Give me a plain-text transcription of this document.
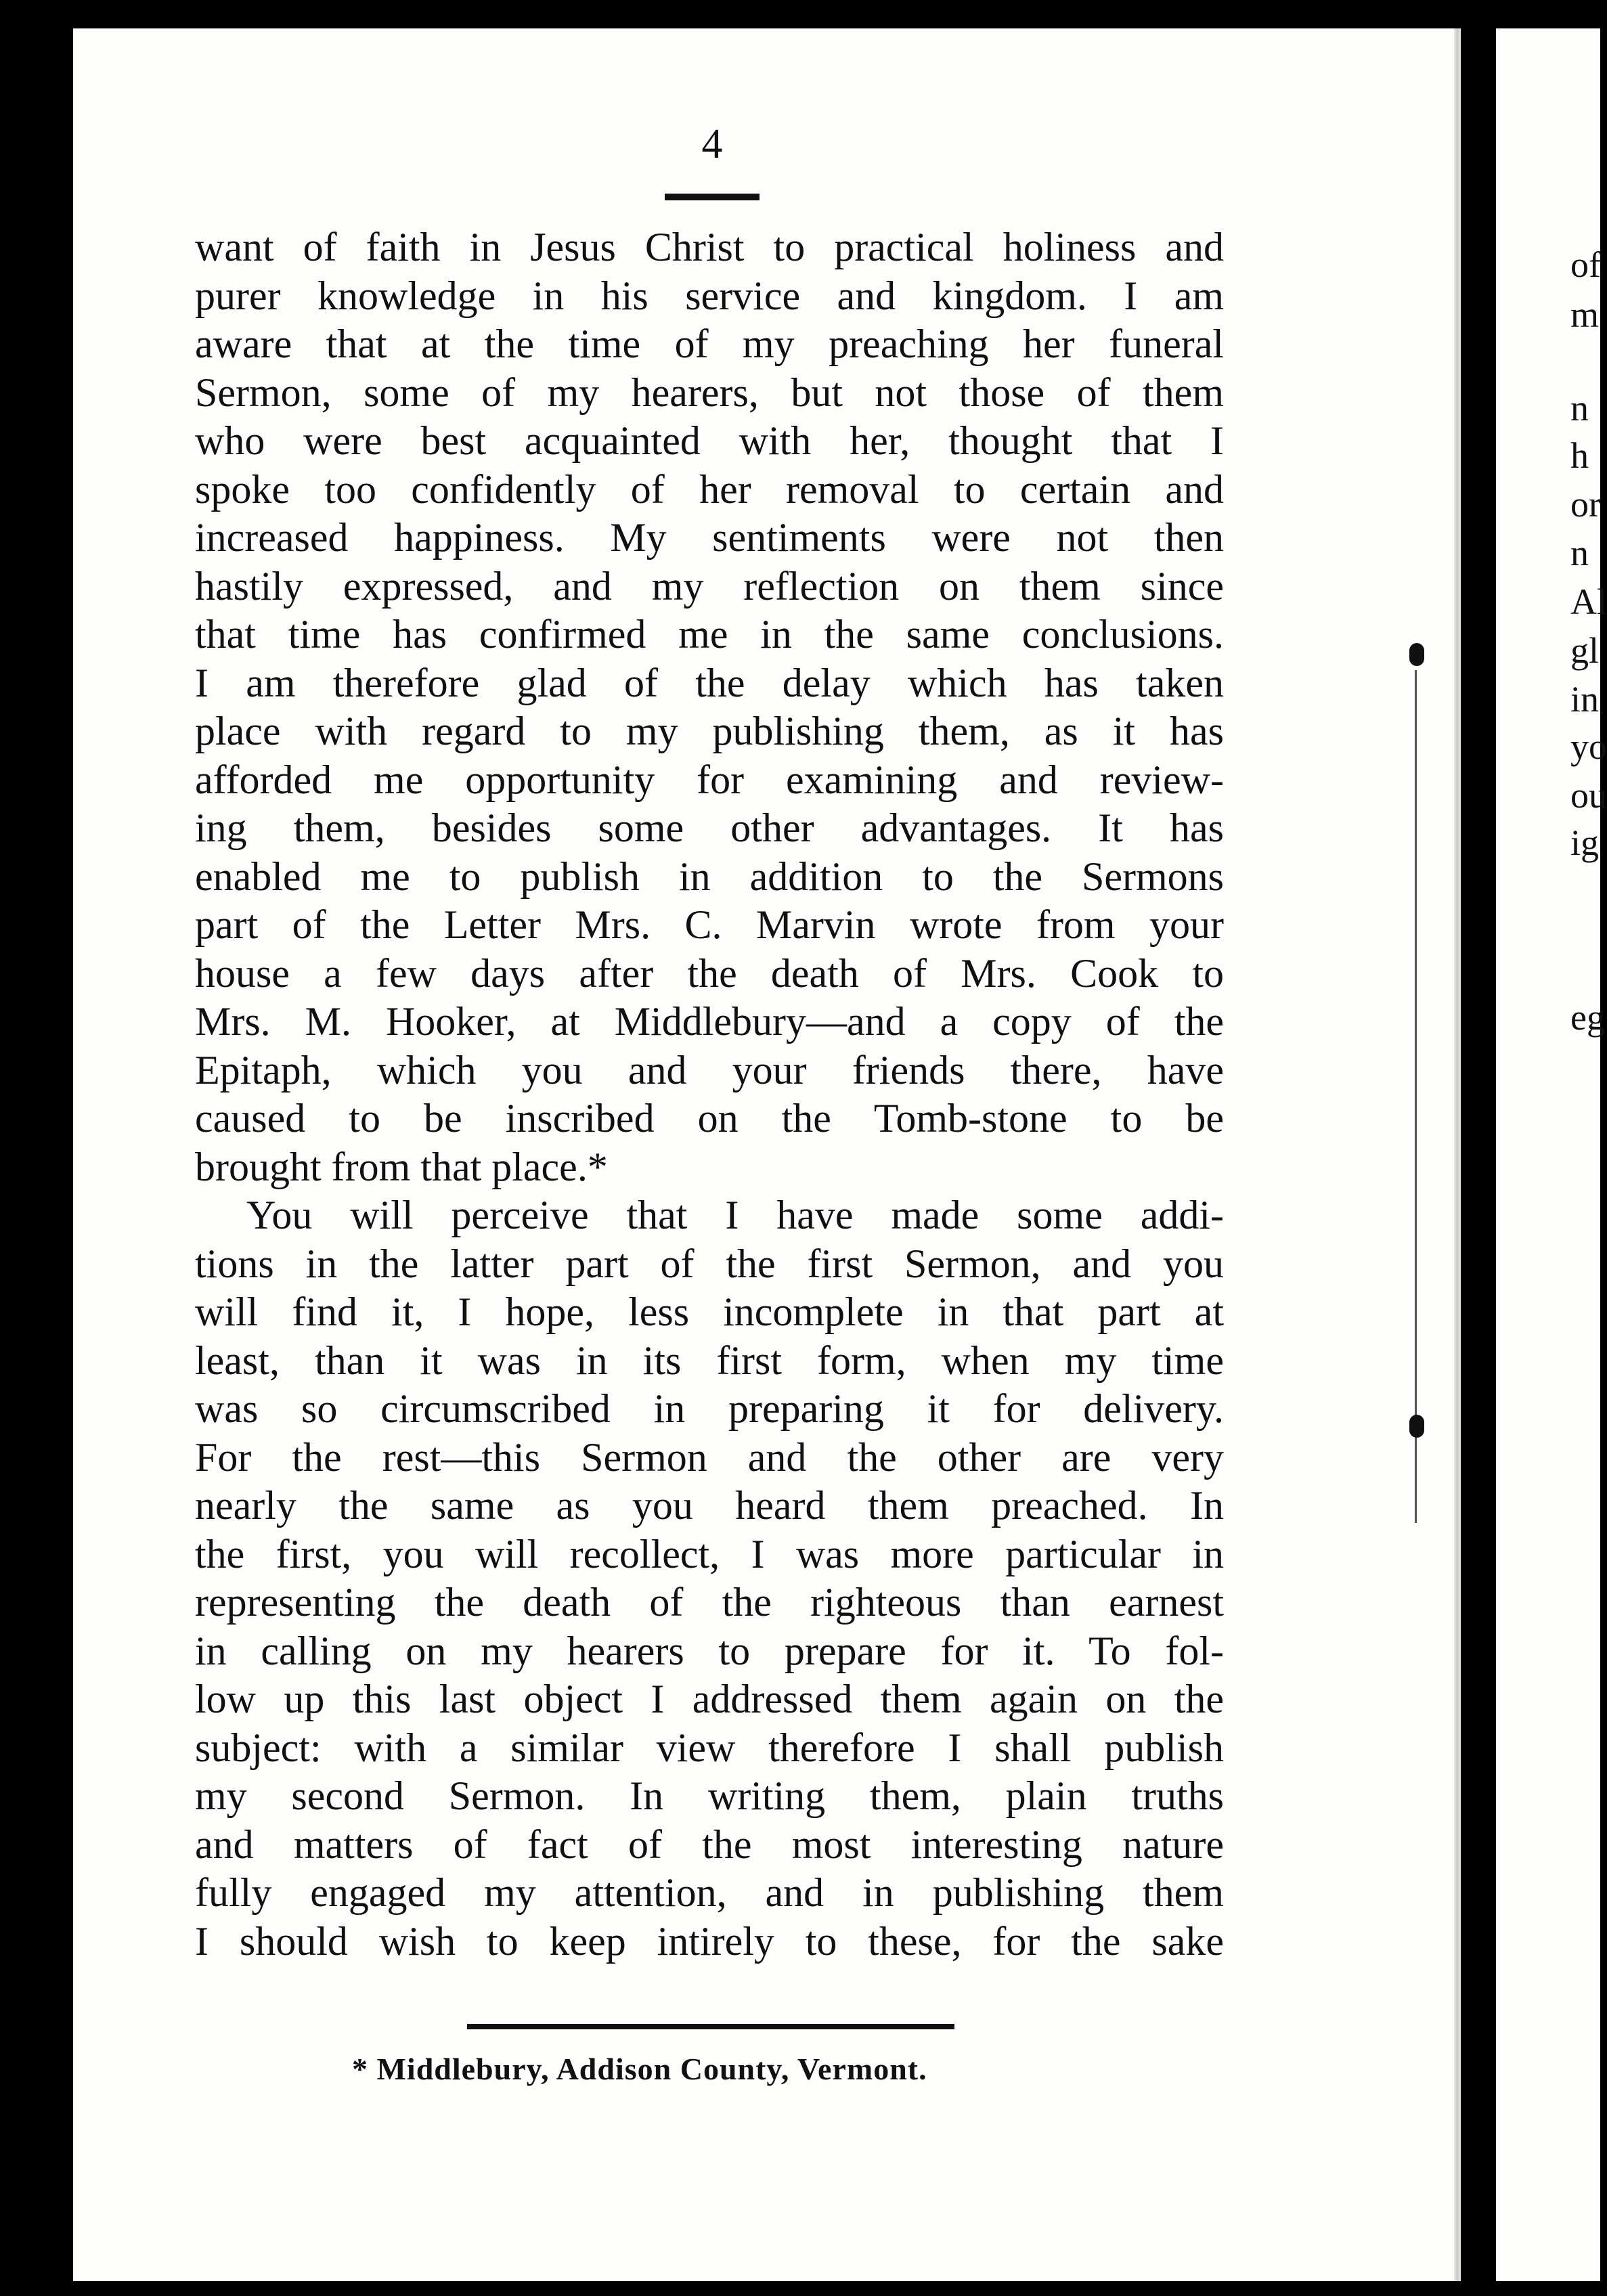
4
want of faith in Jesus Christ to practical holiness and
purer knowledge in his service and kingdom. I am
aware that at the time of my preaching her funeral
Sermon, some of my hearers, but not those of them
who were best acquainted with her, thought that I
spoke too confidently of her removal to certain and
increased happiness. My sentiments were not then
hastily expressed, and my reflection on them since
that time has confirmed me in the same conclusions.
I am therefore glad of the delay which has taken
place with regard to my publishing them, as it has
afforded me opportunity for examining and review-
ing them, besides some other advantages. It has
enabled me to publish in addition to the Sermons
part of the Letter Mrs. C. Marvin wrote from your
house a few days after the death of Mrs. Cook to
Mrs. M. Hooker, at Middlebury—and a copy of the
Epitaph, which you and your friends there, have
caused to be inscribed on the Tomb-stone to be
brought from that place.*
You will perceive that I have made some addi-
tions in the latter part of the first Sermon, and you
will find it, I hope, less incomplete in that part at
least, than it was in its first form, when my time
was so circumscribed in preparing it for delivery.
For the rest—this Sermon and the other are very
nearly the same as you heard them preached. In
the first, you will recollect, I was more particular in
representing the death of the righteous than earnest
in calling on my hearers to prepare for it. To fol-
low up this last object I addressed them again on the
subject: with a similar view therefore I shall publish
my second Sermon. In writing them, plain truths
and matters of fact of the most interesting nature
fully engaged my attention, and in publishing them
I should wish to keep intirely to these, for the sake
* Middlebury, Addison County, Vermont.
of
m
n
h
or
n
Al
gl
in
yo
ou
ig
eg
